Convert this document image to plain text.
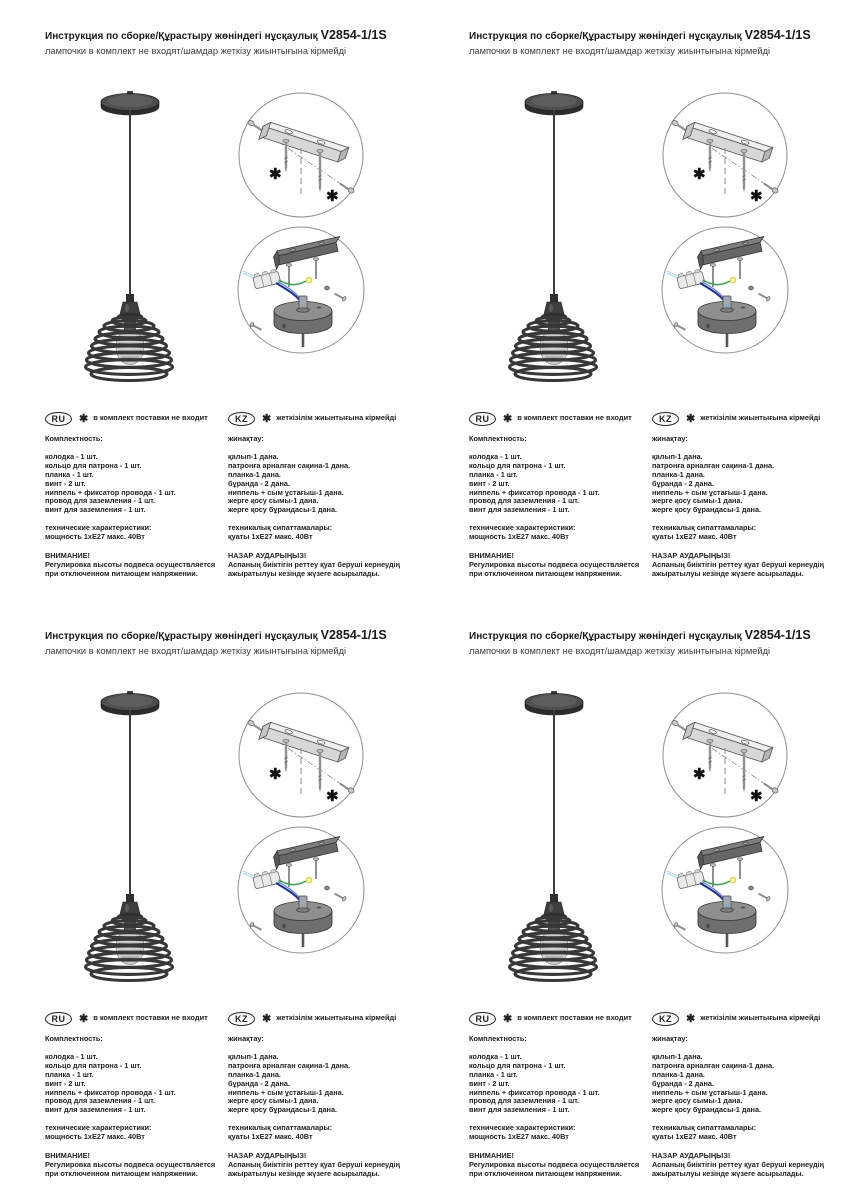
Инструкция по сборке/Құрастыру жөніндегі нұсқаулық V2854-1/1S
лампочки в комплект не входят/шамдар жеткізу жиынтығына кірмейді
✱
✱
RU	✱ в комплект поставки не входит
Комплектность:
колодка - 1 шт.
кольцо для патрона - 1 шт.
планка - 1 шт.
винт - 2 шт.
ниппель + фиксатор провода - 1 шт.
провод для заземления - 1 шт.
винт для заземления - 1 шт.
технические характеристики:
мощность 1хЕ27 макс. 40Вт
ВНИМАНИЕ!
Регулировка высоты подвеса осуществляется
при отключенном питающем напряжении.
KZ	✱ жеткізілім жиынтығына кірмейді
жинақтау:
қалып-1 дана.
патронға арналған сақина-1 дана.
планка-1 дана.
бұранда - 2 дана.
ниппель + сым ұстағыш-1 дана.
жерге қосу сымы-1 дана.
жерге қосу бұрандасы-1 дана.
техникалық сипаттамалары:
қуаты 1хЕ27 макс. 40Вт
НАЗАР АУДАРЫҢЫЗ!
Аспаның биіктігін реттеу қуат беруші кернеудің
ажыратылуы кезінде жүзеге асырылады.
Инструкция по сборке/Құрастыру жөніндегі нұсқаулық V2854-1/1S
лампочки в комплект не входят/шамдар жеткізу жиынтығына кірмейді
✱
✱
RU	✱ в комплект поставки не входит
Комплектность:
колодка - 1 шт.
кольцо для патрона - 1 шт.
планка - 1 шт.
винт - 2 шт.
ниппель + фиксатор провода - 1 шт.
провод для заземления - 1 шт.
винт для заземления - 1 шт.
технические характеристики:
мощность 1хЕ27 макс. 40Вт
ВНИМАНИЕ!
Регулировка высоты подвеса осуществляется
при отключенном питающем напряжении.
KZ	✱ жеткізілім жиынтығына кірмейді
жинақтау:
қалып-1 дана.
патронға арналған сақина-1 дана.
планка-1 дана.
бұранда - 2 дана.
ниппель + сым ұстағыш-1 дана.
жерге қосу сымы-1 дана.
жерге қосу бұрандасы-1 дана.
техникалық сипаттамалары:
қуаты 1хЕ27 макс. 40Вт
НАЗАР АУДАРЫҢЫЗ!
Аспаның биіктігін реттеу қуат беруші кернеудің
ажыратылуы кезінде жүзеге асырылады.
Инструкция по сборке/Құрастыру жөніндегі нұсқаулық V2854-1/1S
лампочки в комплект не входят/шамдар жеткізу жиынтығына кірмейді
✱
✱
RU	✱ в комплект поставки не входит
Комплектность:
колодка - 1 шт.
кольцо для патрона - 1 шт.
планка - 1 шт.
винт - 2 шт.
ниппель + фиксатор провода - 1 шт.
провод для заземления - 1 шт.
винт для заземления - 1 шт.
технические характеристики:
мощность 1хЕ27 макс. 40Вт
ВНИМАНИЕ!
Регулировка высоты подвеса осуществляется
при отключенном питающем напряжении.
KZ	✱ жеткізілім жиынтығына кірмейді
жинақтау:
қалып-1 дана.
патронға арналған сақина-1 дана.
планка-1 дана.
бұранда - 2 дана.
ниппель + сым ұстағыш-1 дана.
жерге қосу сымы-1 дана.
жерге қосу бұрандасы-1 дана.
техникалық сипаттамалары:
қуаты 1хЕ27 макс. 40Вт
НАЗАР АУДАРЫҢЫЗ!
Аспаның биіктігін реттеу қуат беруші кернеудің
ажыратылуы кезінде жүзеге асырылады.
Инструкция по сборке/Құрастыру жөніндегі нұсқаулық V2854-1/1S
лампочки в комплект не входят/шамдар жеткізу жиынтығына кірмейді
✱
✱
RU	✱ в комплект поставки не входит
Комплектность:
колодка - 1 шт.
кольцо для патрона - 1 шт.
планка - 1 шт.
винт - 2 шт.
ниппель + фиксатор провода - 1 шт.
провод для заземления - 1 шт.
винт для заземления - 1 шт.
технические характеристики:
мощность 1хЕ27 макс. 40Вт
ВНИМАНИЕ!
Регулировка высоты подвеса осуществляется
при отключенном питающем напряжении.
KZ	✱ жеткізілім жиынтығына кірмейді
жинақтау:
қалып-1 дана.
патронға арналған сақина-1 дана.
планка-1 дана.
бұранда - 2 дана.
ниппель + сым ұстағыш-1 дана.
жерге қосу сымы-1 дана.
жерге қосу бұрандасы-1 дана.
техникалық сипаттамалары:
қуаты 1хЕ27 макс. 40Вт
НАЗАР АУДАРЫҢЫЗ!
Аспаның биіктігін реттеу қуат беруші кернеудің
ажыратылуы кезінде жүзеге асырылады.
